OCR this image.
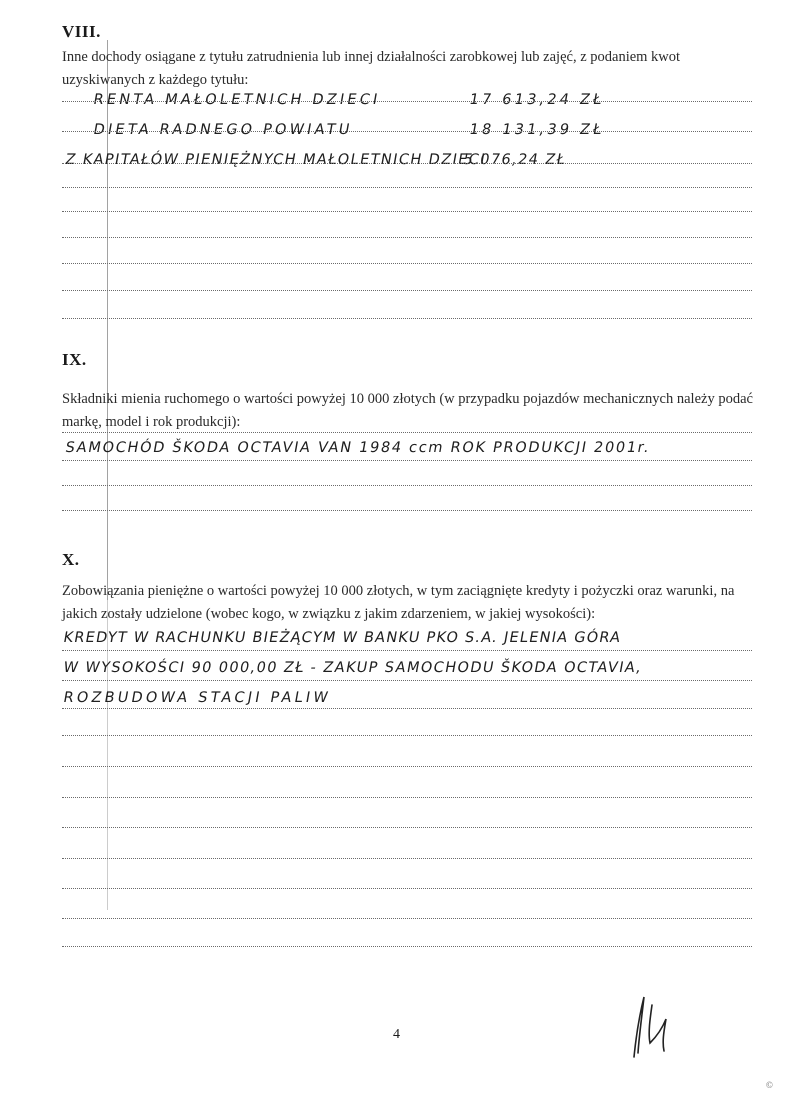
VIII.
Inne dochody osiągane z tytułu zatrudnienia lub innej działalności zarobkowej lub zajęć, z podaniem kwot uzyskiwanych z każdego tytułu:
RENTA MAŁOLETNICH DZIECI	17 613,24 ZŁ
DIETA RADNEGO POWIATU	18 131,39 ZŁ
Z KAPITAŁÓW PIENIĘŻNYCH MAŁOLETNICH DZIECI
5 076,24 ZŁ
IX.
Składniki mienia ruchomego o wartości powyżej 10 000 złotych (w przypadku pojazdów mechanicznych należy podać markę, model i rok produkcji):
SAMOCHÓD ŠKODA OCTAVIA VAN 1984 ccm ROK PRODUKCJI 2001r.
X.
Zobowiązania pieniężne o wartości powyżej 10 000 złotych, w tym zaciągnięte kredyty i pożyczki oraz warunki, na jakich zostały udzielone (wobec kogo, w związku z jakim zdarzeniem, w jakiej wysokości):
KREDYT W RACHUNKU BIEŻĄCYM W BANKU PKO S.A. JELENIA GÓRA
W WYSOKOŚCI 90 000,00 ZŁ - ZAKUP SAMOCHODU ŠKODA OCTAVIA,
ROZBUDOWA STACJI PALIW
4
©
